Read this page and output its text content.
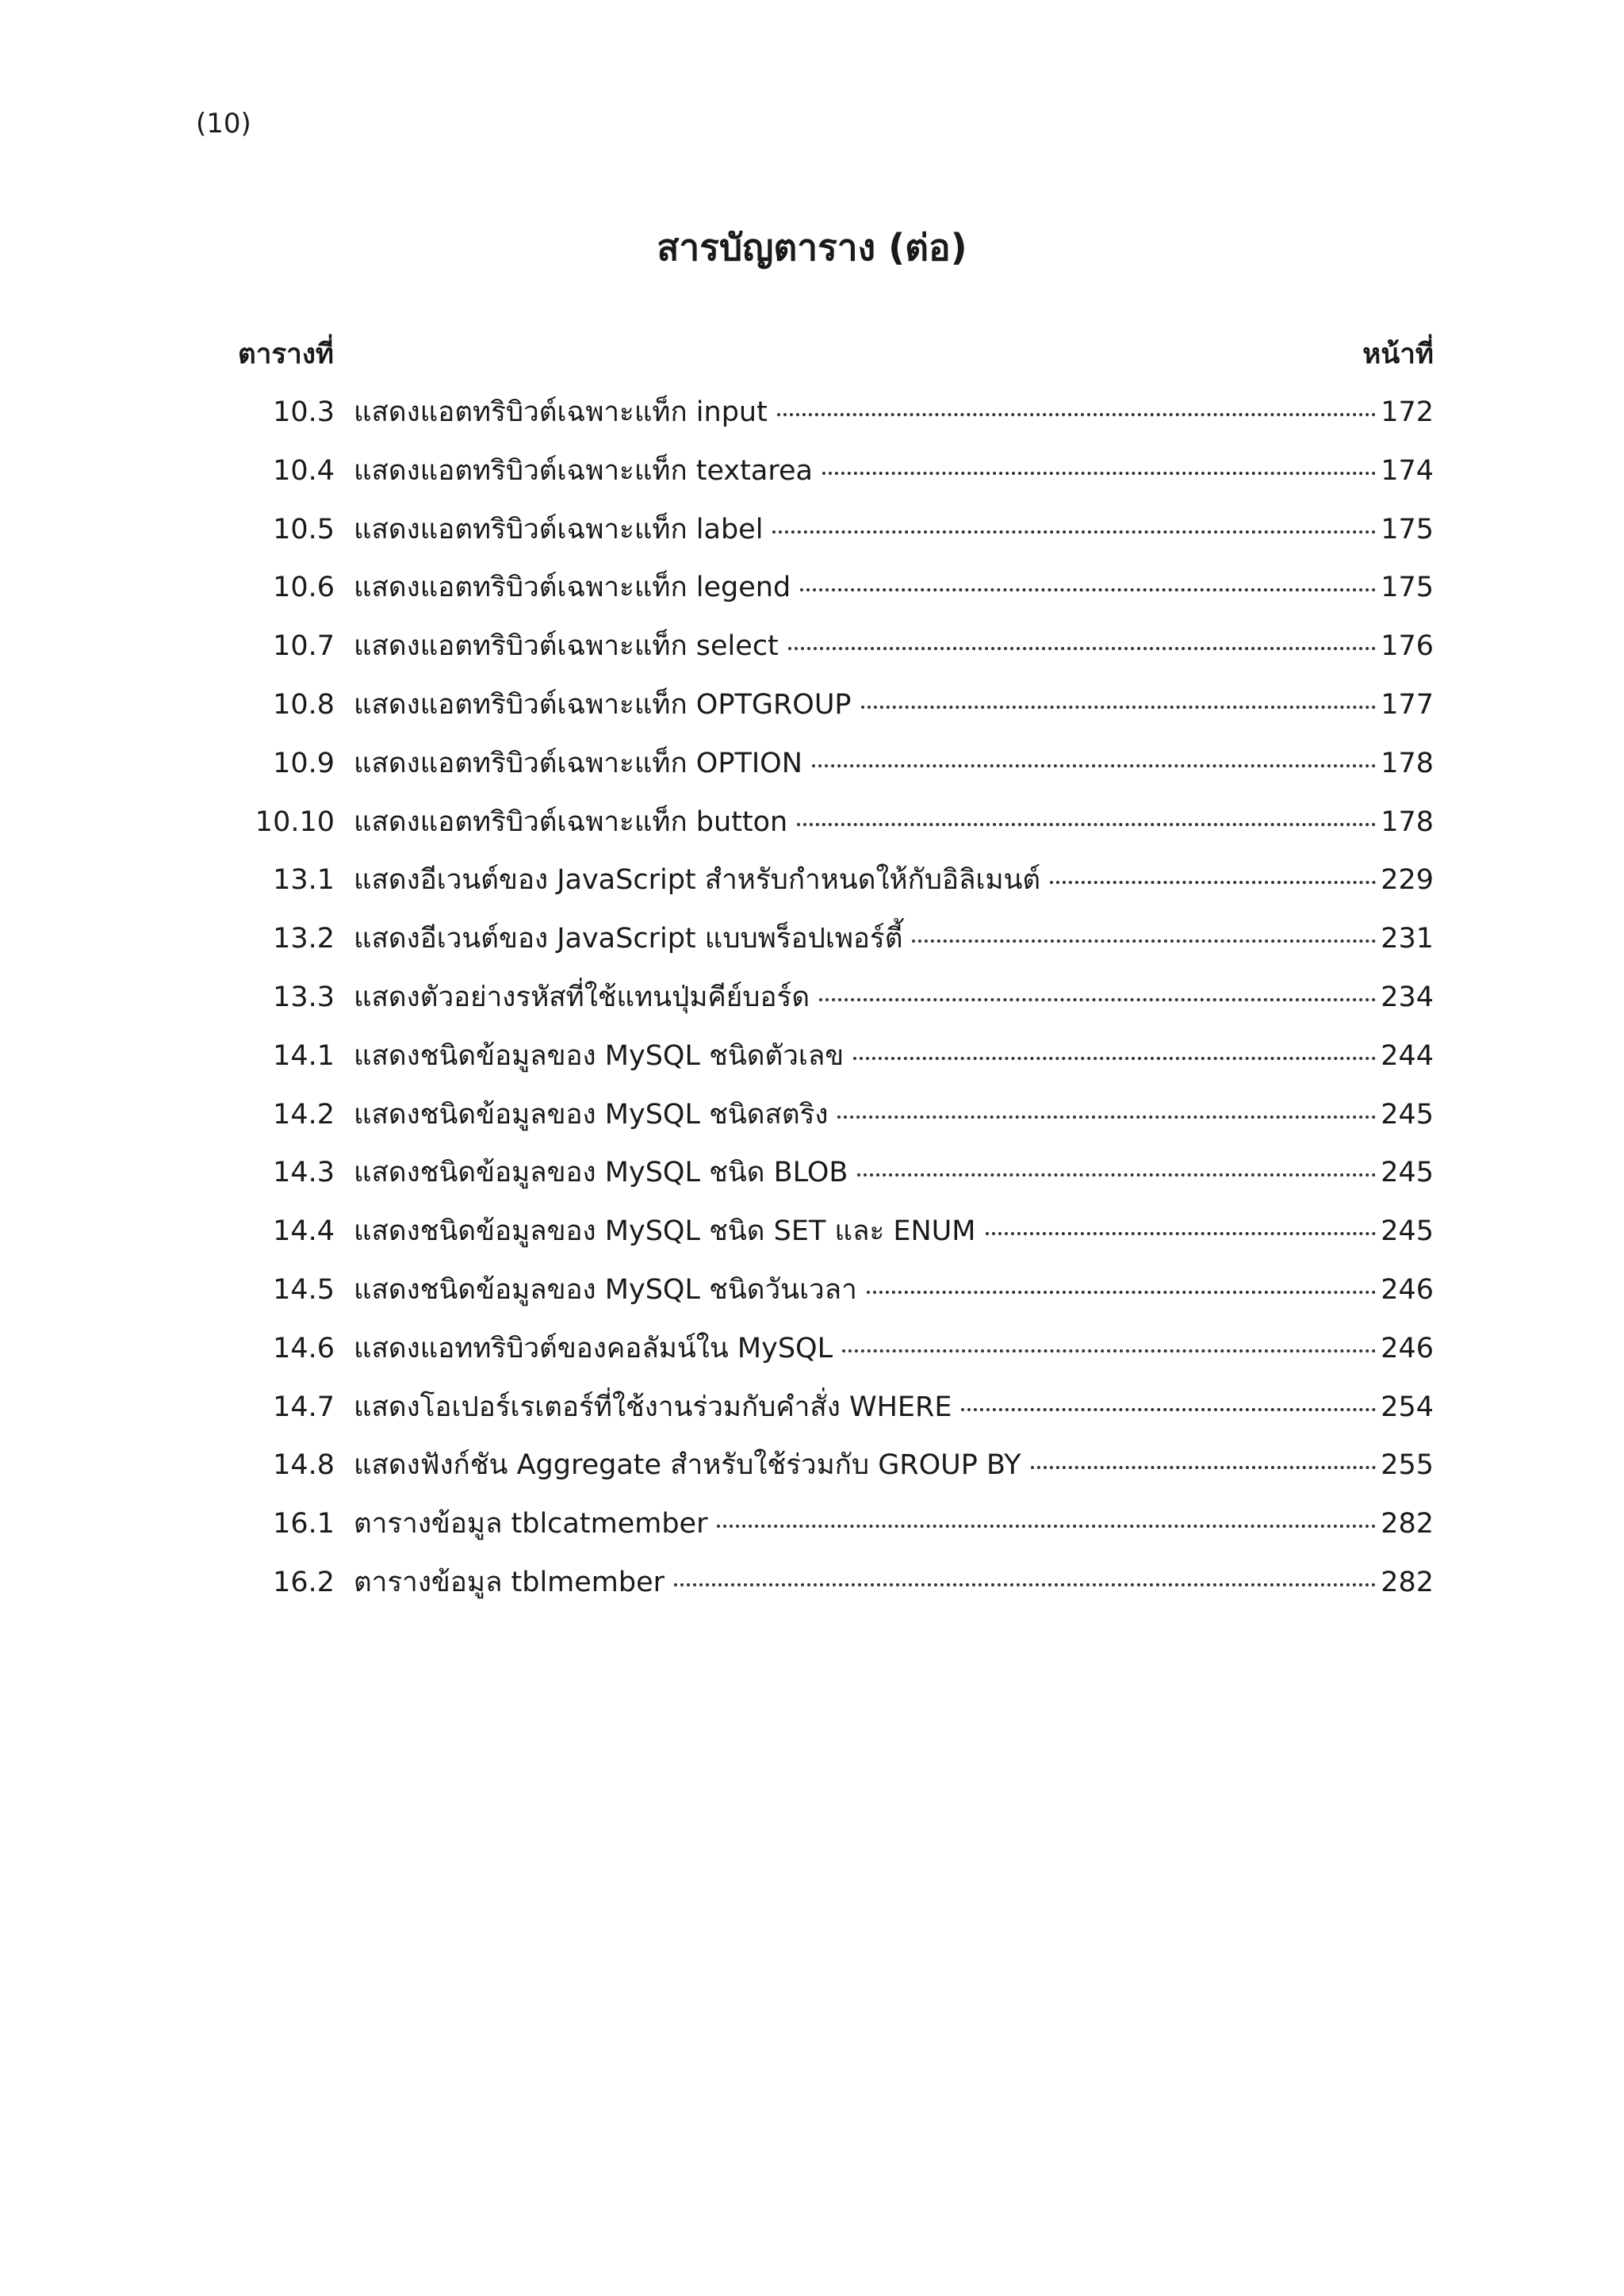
(10)
สารบัญตาราง (ต่อ)
ตารางที่	หน้าที่
10.3 แสดงแอตทริบิวต์เฉพาะแท็ก input	172
10.4 แสดงแอตทริบิวต์เฉพาะแท็ก textarea	174
10.5 แสดงแอตทริบิวต์เฉพาะแท็ก label	175
10.6 แสดงแอตทริบิวต์เฉพาะแท็ก legend	175
10.7 แสดงแอตทริบิวต์เฉพาะแท็ก select	176
10.8 แสดงแอตทริบิวต์เฉพาะแท็ก OPTGROUP	177
10.9 แสดงแอตทริบิวต์เฉพาะแท็ก OPTION	178
10.10 แสดงแอตทริบิวต์เฉพาะแท็ก button	178
13.1 แสดงอีเวนต์ของ JavaScript สำหรับกำหนดให้กับอิลิเมนต์	229
13.2 แสดงอีเวนต์ของ JavaScript แบบพร็อปเพอร์ตี้	231
13.3 แสดงตัวอย่างรหัสที่ใช้แทนปุ่มคีย์บอร์ด	234
14.1 แสดงชนิดข้อมูลของ MySQL ชนิดตัวเลข	244
14.2 แสดงชนิดข้อมูลของ MySQL ชนิดสตริง	245
14.3 แสดงชนิดข้อมูลของ MySQL ชนิด BLOB	245
14.4 แสดงชนิดข้อมูลของ MySQL ชนิด SET และ ENUM	245
14.5 แสดงชนิดข้อมูลของ MySQL ชนิดวันเวลา	246
14.6 แสดงแอททริบิวต์ของคอลัมน์ใน MySQL	246
14.7 แสดงโอเปอร์เรเตอร์ที่ใช้งานร่วมกับคำสั่ง WHERE	254
14.8 แสดงฟังก์ชัน Aggregate สำหรับใช้ร่วมกับ GROUP BY	255
16.1 ตารางข้อมูล tblcatmember	282
16.2 ตารางข้อมูล tblmember	282
